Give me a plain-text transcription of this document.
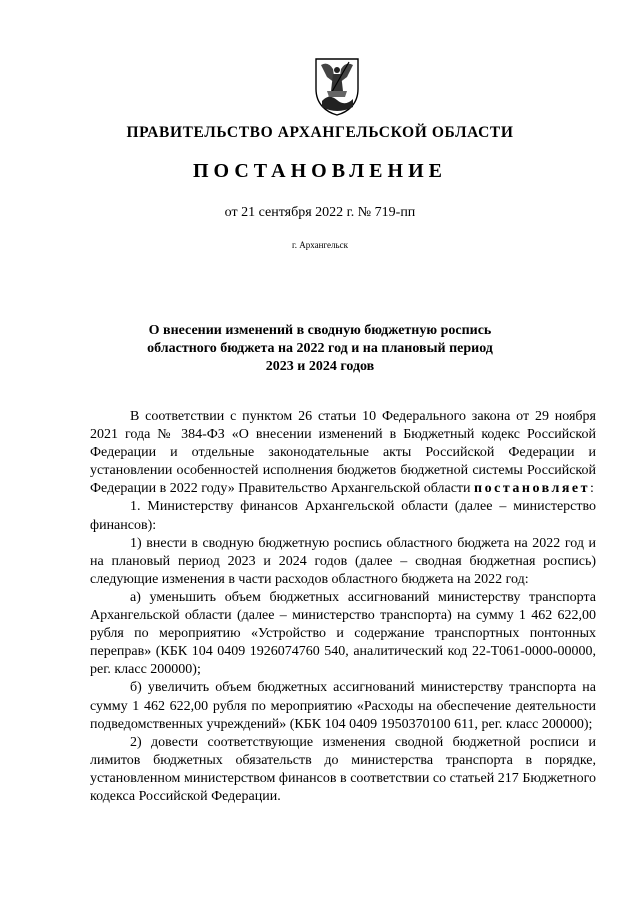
ПРАВИТЕЛЬСТВО АРХАНГЕЛЬСКОЙ ОБЛАСТИ
ПОСТАНОВЛЕНИЕ
от 21 сентября 2022 г. № 719-пп
г. Архангельск
О внесении изменений в сводную бюджетную роспись
областного бюджета на 2022 год и на плановый период
2023 и 2024 годов

В соответствии с пунктом 26 статьи 10 Федерального закона от 29 ноября 2021 года № 384-ФЗ «О внесении изменений в Бюджетный кодекс Российской Федерации и отдельные законодательные акты Российской Федерации и установлении особенностей исполнения бюджетов бюджетной системы Российской Федерации в 2022 году» Правительство Архангельской области постановляет:

1. Министерству финансов Архангельской области (далее – министерство финансов):

1) внести в сводную бюджетную роспись областного бюджета на 2022 год и на плановый период 2023 и 2024 годов (далее – сводная бюджетная роспись) следующие изменения в части расходов областного бюджета на 2022 год:

а) уменьшить объем бюджетных ассигнований министерству транспорта Архангельской области (далее – министерство транспорта) на сумму 1 462 622,00 рубля по мероприятию «Устройство и содержание транспортных понтонных переправ» (КБК 104 0409 1926074760 540, аналитический код 22-Т061-0000-00000, рег. класс 200000);

б) увеличить объем бюджетных ассигнований министерству транспорта на сумму 1 462 622,00 рубля по мероприятию «Расходы на обеспечение деятельности подведомственных учреждений» (КБК 104 0409 1950370100 611, рег. класс 200000);

2) довести соответствующие изменения сводной бюджетной росписи и лимитов бюджетных обязательств до министерства транспорта в порядке, установленном министерством финансов в соответствии со статьей 217 Бюджетного кодекса Российской Федерации.
